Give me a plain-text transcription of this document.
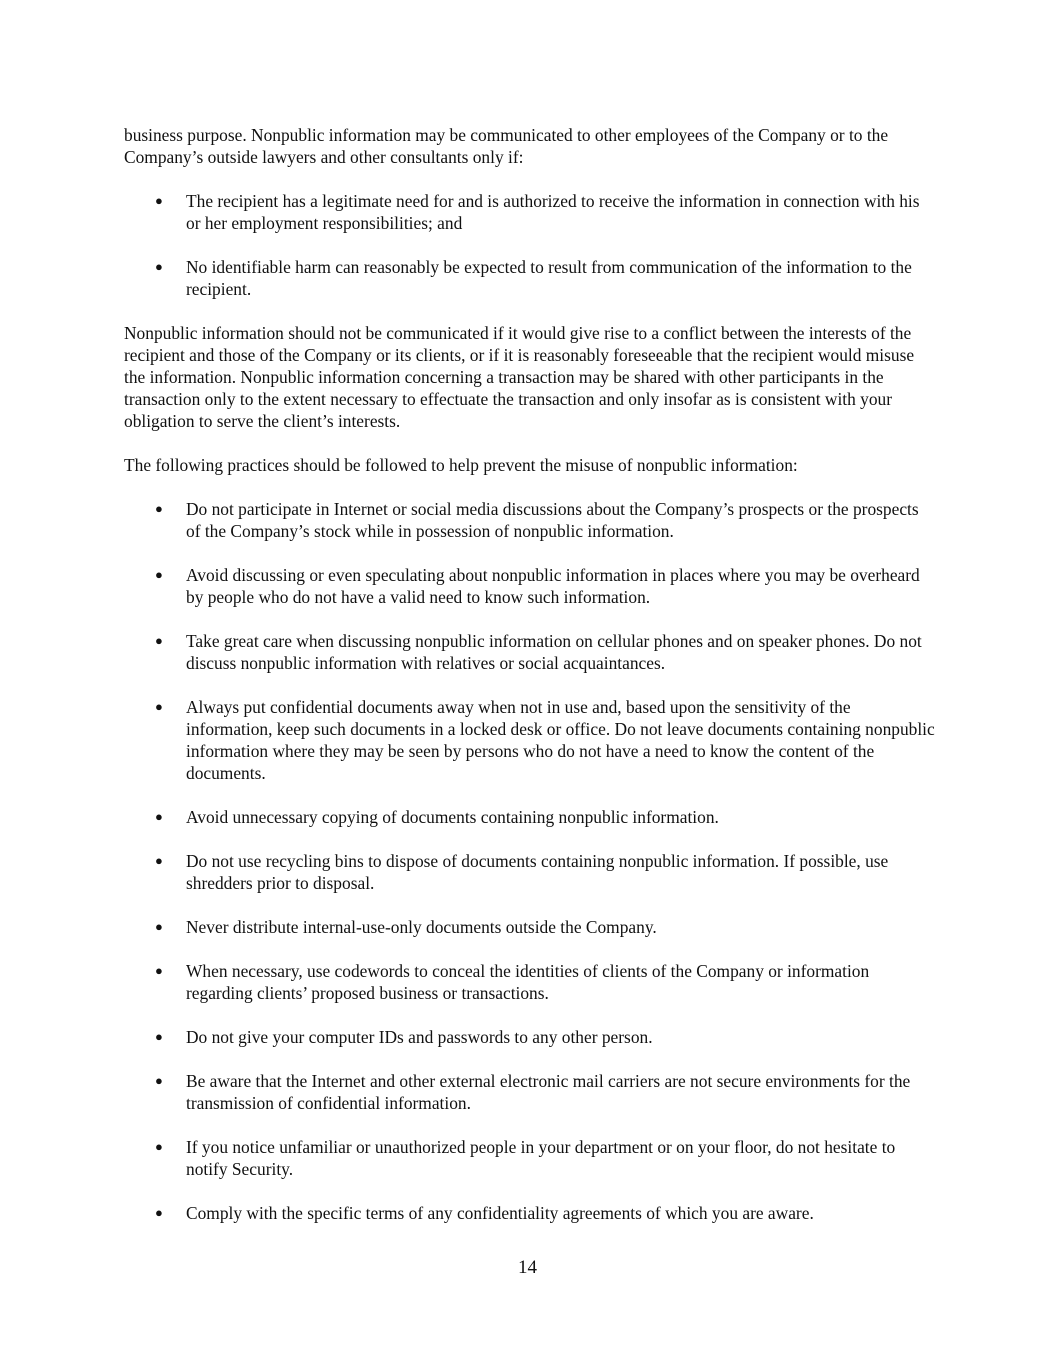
business purpose. Nonpublic information may be communicated to other employees of the Company or to the Company’s outside lawyers and other consultants only if:

●	The recipient has a legitimate need for and is authorized to receive the information in connection with his or her employment responsibilities; and
●	No identifiable harm can reasonably be expected to result from communication of the information to the recipient.

Nonpublic information should not be communicated if it would give rise to a conflict between the interests of the recipient and those of the Company or its clients, or if it is reasonably foreseeable that the recipient would misuse the information. Nonpublic information concerning a transaction may be shared with other participants in the transaction only to the extent necessary to effectuate the transaction and only insofar as is consistent with your obligation to serve the client’s interests.

The following practices should be followed to help prevent the misuse of nonpublic information:

●	Do not participate in Internet or social media discussions about the Company’s prospects or the prospects of the Company’s stock while in possession of nonpublic information.
●	Avoid discussing or even speculating about nonpublic information in places where you may be overheard by people who do not have a valid need to know such information.
●	Take great care when discussing nonpublic information on cellular phones and on speaker phones. Do not discuss nonpublic information with relatives or social acquaintances.
●	Always put confidential documents away when not in use and, based upon the sensitivity of the information, keep such documents in a locked desk or office. Do not leave documents containing nonpublic information where they may be seen by persons who do not have a need to know the content of the documents.
●	Avoid unnecessary copying of documents containing nonpublic information.
●	Do not use recycling bins to dispose of documents containing nonpublic information. If possible, use shredders prior to disposal.
●	Never distribute internal-use-only documents outside the Company.
●	When necessary, use codewords to conceal the identities of clients of the Company or information regarding clients’ proposed business or transactions.
●	Do not give your computer IDs and passwords to any other person.
●	Be aware that the Internet and other external electronic mail carriers are not secure environments for the transmission of confidential information.
●	If you notice unfamiliar or unauthorized people in your department or on your floor, do not hesitate to notify Security.
●	Comply with the specific terms of any confidentiality agreements of which you are aware.
14
